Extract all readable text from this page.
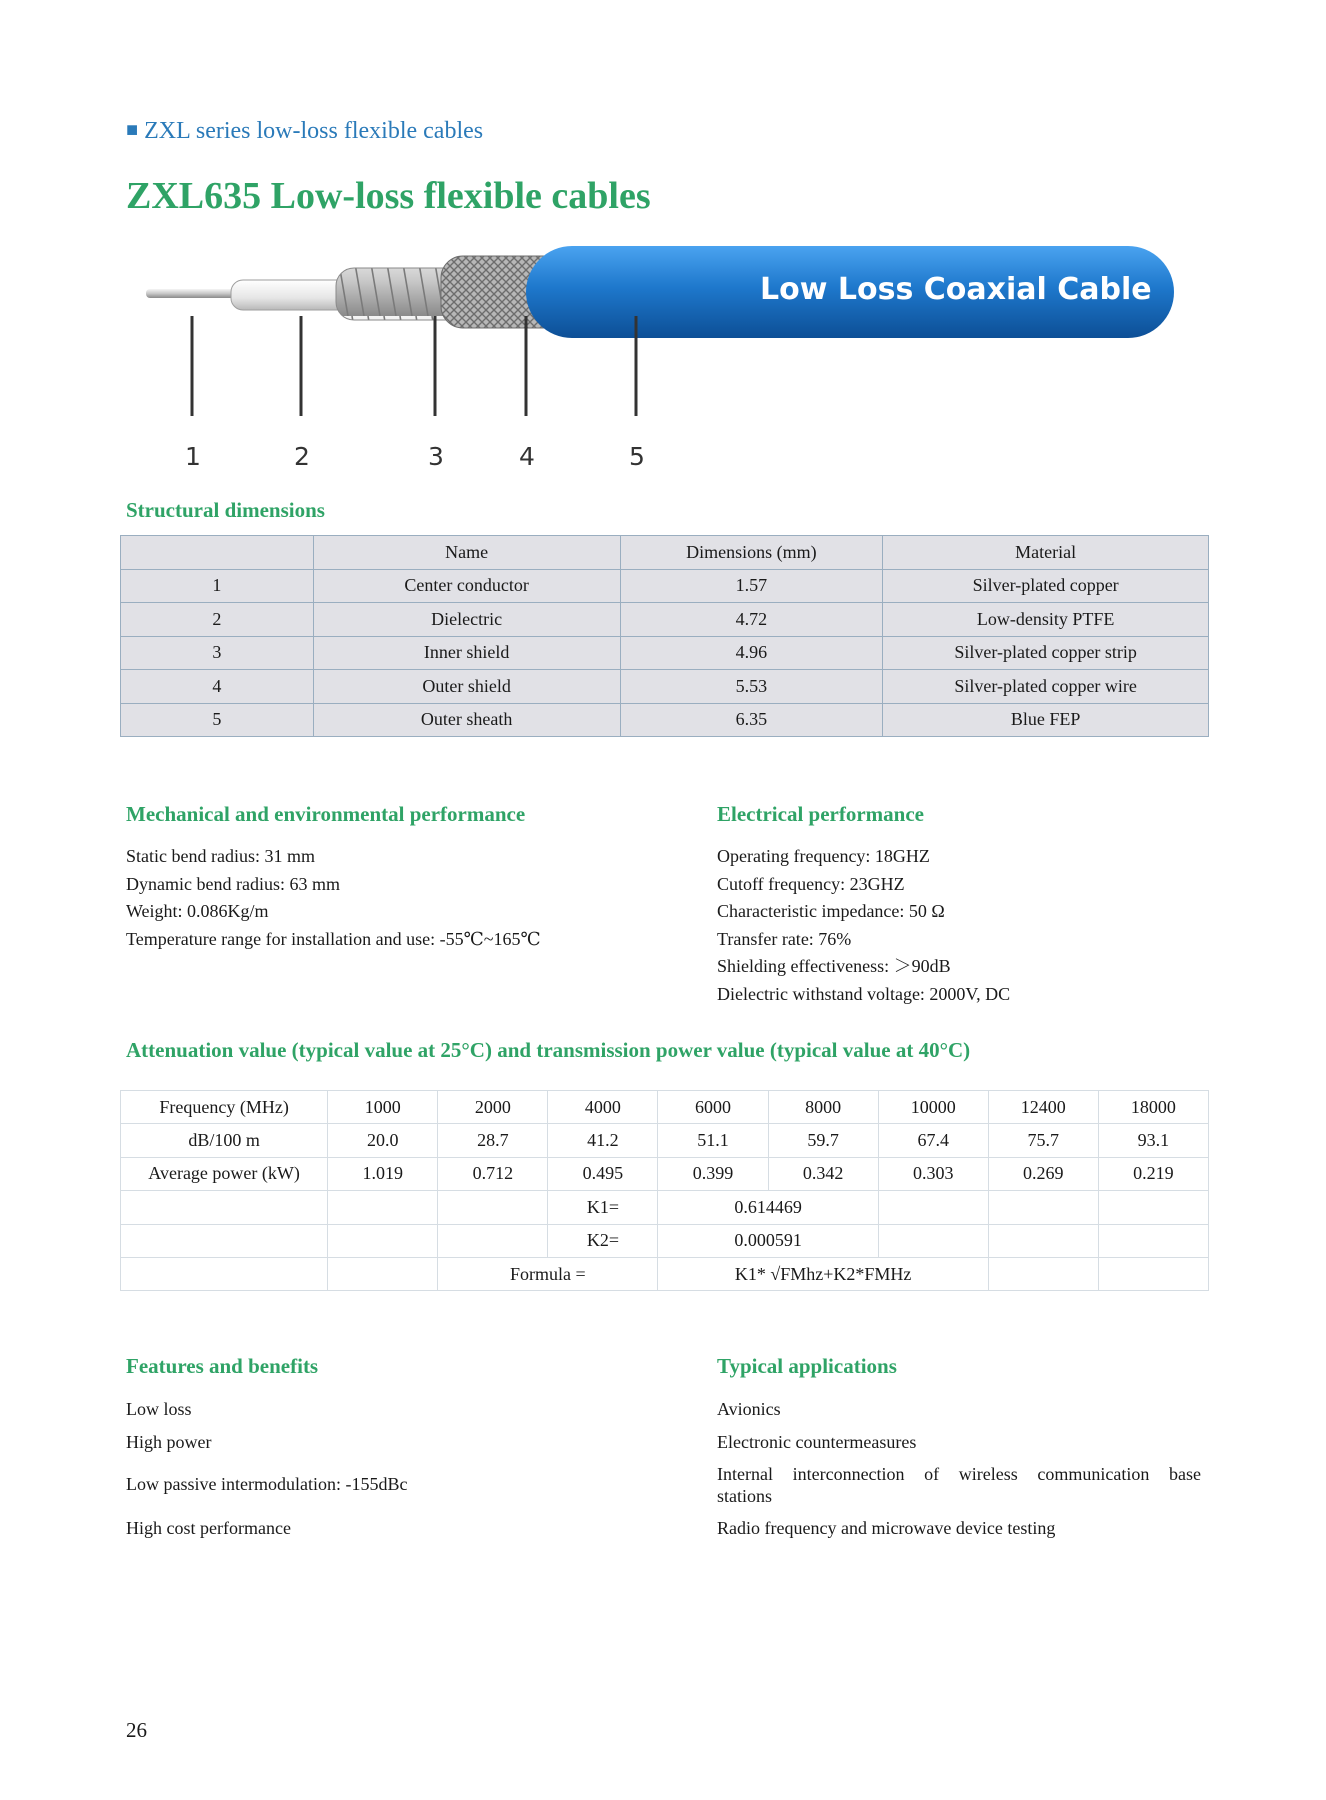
■ ZXL series low-loss flexible cables
ZXL635 Low-loss flexible cables
Low Loss Coaxial Cable
1	2	3	4	5
Structural dimensions
	Name	Dimensions (mm)	Material
1	Center conductor	1.57	Silver-plated copper
2	Dielectric	4.72	Low-density PTFE
3	Inner shield	4.96	Silver-plated copper strip
4	Outer shield	5.53	Silver-plated copper wire
5	Outer sheath	6.35	Blue FEP
Mechanical and environmental performance
Static bend radius: 31 mm
Dynamic bend radius: 63 mm
Weight: 0.086Kg/m
Temperature range for installation and use: -55℃~165℃
Electrical performance
Operating frequency: 18GHZ
Cutoff frequency: 23GHZ
Characteristic impedance: 50 Ω
Transfer rate: 76%
Shielding effectiveness: ＞90dB
Dielectric withstand voltage: 2000V, DC
Attenuation value (typical value at 25°C) and transmission power value (typical value at 40°C)
Frequency (MHz)	1000	2000	4000	6000	8000	10000	12400	18000
dB/100 m	20.0	28.7	41.2	51.1	59.7	67.4	75.7	93.1
Average power (kW)	1.019	0.712	0.495	0.399	0.342	0.303	0.269	0.219
			K1=	0.614469				
			K2=	0.000591				
		Formula =		K1* √FMhz+K2*FMHz				
Features and benefits
Low loss
High power
Low passive intermodulation: -155dBc
High cost performance
Typical applications
Avionics
Electronic countermeasures
Internal interconnection of wireless communication base stations
Radio frequency and microwave device testing
26
